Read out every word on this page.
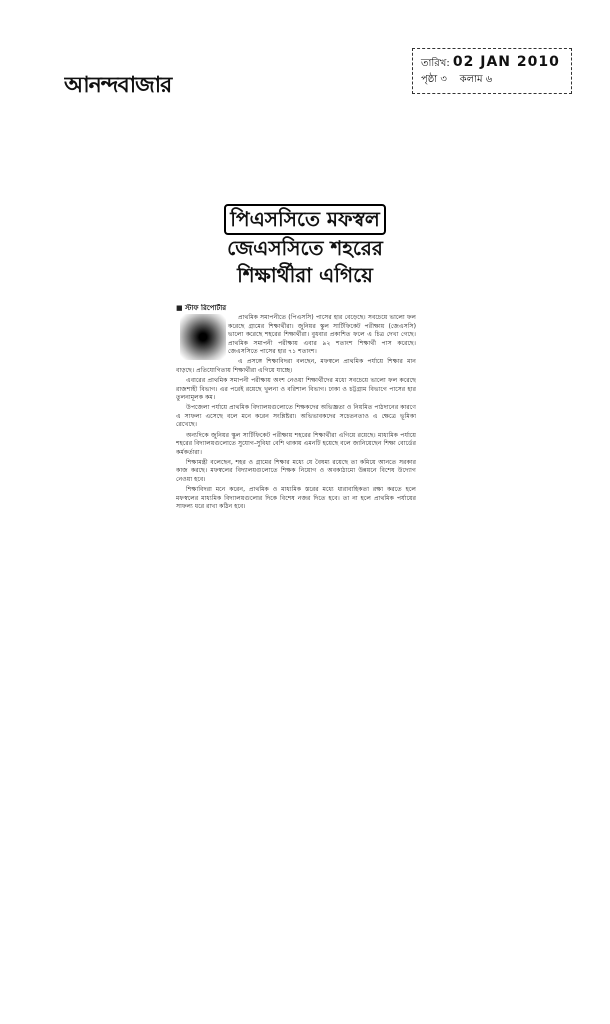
আনন্দবাজার
তারিখ: 02 JAN 2010
পৃষ্ঠা ৩ কলাম ৬
পিএসসিতে মফস্বল
জেএসসিতে শহরের
শিক্ষার্থীরা এগিয়ে
■ স্টাফ রিপোর্টার

প্রাথমিক সমাপনীতে (পিএসসি) পাসের হার বেড়েছে। সবচেয়ে ভালো ফল করেছে গ্রামের শিক্ষার্থীরা। জুনিয়র স্কুল সার্টিফিকেট পরীক্ষায় (জেএসসি) ভালো করেছে শহরের শিক্ষার্থীরা। বুধবার প্রকাশিত ফলে এ চিত্র দেখা গেছে। প্রাথমিক সমাপনী পরীক্ষায় এবার ৯২ শতাংশ শিক্ষার্থী পাস করেছে। জেএসসিতে পাসের হার ৭১ শতাংশ।

এ প্রসঙ্গে শিক্ষাবিদরা বলছেন, মফস্বলে প্রাথমিক পর্যায়ে শিক্ষার মান বাড়ছে। প্রতিযোগিতায় শিক্ষার্থীরা এগিয়ে যাচ্ছে।

এবারের প্রাথমিক সমাপনী পরীক্ষায় অংশ নেওয়া শিক্ষার্থীদের মধ্যে সবচেয়ে ভালো ফল করেছে রাজশাহী বিভাগ। এর পরেই রয়েছে খুলনা ও বরিশাল বিভাগ। ঢাকা ও চট্টগ্রাম বিভাগে পাসের হার তুলনামূলক কম।

উপজেলা পর্যায়ে প্রাথমিক বিদ্যালয়গুলোতে শিক্ষকদের অভিজ্ঞতা ও নিয়মিত পাঠদানের কারণে এ সাফল্য এসেছে বলে মনে করেন সংশ্লিষ্টরা। অভিভাবকদের সচেতনতাও এ ক্ষেত্রে ভূমিকা রেখেছে।

অন্যদিকে জুনিয়র স্কুল সার্টিফিকেট পরীক্ষায় শহরের শিক্ষার্থীরা এগিয়ে রয়েছে। মাধ্যমিক পর্যায়ে শহরের বিদ্যালয়গুলোতে সুযোগ-সুবিধা বেশি থাকায় এমনটি হয়েছে বলে জানিয়েছেন শিক্ষা বোর্ডের কর্মকর্তারা।

শিক্ষামন্ত্রী বলেছেন, শহর ও গ্রামের শিক্ষার মধ্যে যে বৈষম্য রয়েছে তা কমিয়ে আনতে সরকার কাজ করছে। মফস্বলের বিদ্যালয়গুলোতে শিক্ষক নিয়োগ ও অবকাঠামো উন্নয়নে বিশেষ উদ্যোগ নেওয়া হবে।

শিক্ষাবিদরা মনে করেন, প্রাথমিক ও মাধ্যমিক স্তরের মধ্যে ধারাবাহিকতা রক্ষা করতে হলে মফস্বলের মাধ্যমিক বিদ্যালয়গুলোর দিকে বিশেষ নজর দিতে হবে। তা না হলে প্রাথমিক পর্যায়ের সাফল্য ধরে রাখা কঠিন হবে।
